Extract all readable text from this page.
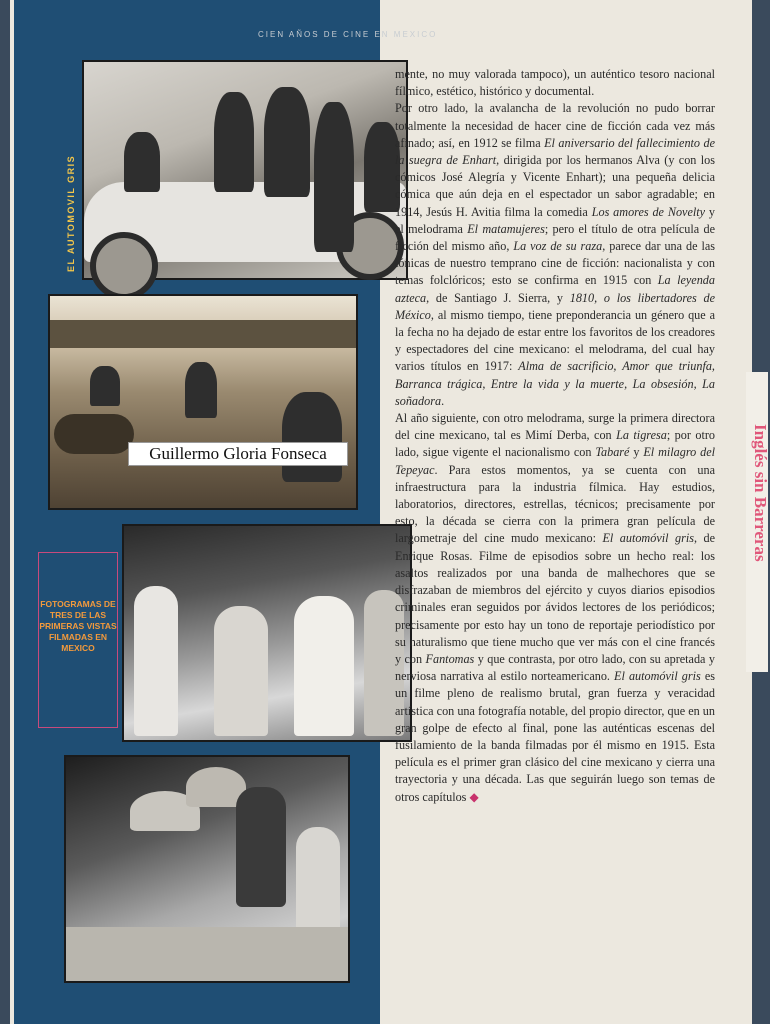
CIEN AÑOS DE CINE EN MEXICO
EL AUTOMOVIL GRIS
Guillermo Gloria Fonseca
FOTOGRAMAS DE TRES DE LAS PRIMERAS VISTAS FILMADAS EN MEXICO

mente, no muy valorada tampoco), un auténtico tesoro nacional fílmico, estético, histórico y documental.

Por otro lado, la avalancha de la revolución no pudo borrar totalmente la necesidad de hacer cine de ficción cada vez más afinado; así, en 1912 se filma El aniversario del fallecimiento de la suegra de Enhart, dirigida por los hermanos Alva (y con los cómicos José Alegría y Vicente Enhart); una pequeña delicia cómica que aún deja en el espectador un sabor agradable; en 1914, Jesús H. Avitia filma la comedia Los amores de Novelty y el melodrama El matamujeres; pero el título de otra película de ficción del mismo año, La voz de su raza, parece dar una de las tónicas de nuestro temprano cine de ficción: nacionalista y con temas folclóricos; esto se confirma en 1915 con La leyenda azteca, de Santiago J. Sierra, y 1810, o los libertadores de México, al mismo tiempo, tiene preponderancia un género que a la fecha no ha dejado de estar entre los favoritos de los creadores y espectadores del cine mexicano: el melodrama, del cual hay varios títulos en 1917: Alma de sacrificio, Amor que triunfa, Barranca trágica, Entre la vida y la muerte, La obsesión, La soñadora.

Al año siguiente, con otro melodrama, surge la primera directora del cine mexicano, tal es Mimí Derba, con La tigresa; por otro lado, sigue vigente el nacionalismo con Tabaré y El milagro del Tepeyac. Para estos momentos, ya se cuenta con una infraestructura para la industria fílmica. Hay estudios, laboratorios, directores, estrellas, técnicos; precisamente por esto, la década se cierra con la primera gran película de largometraje del cine mudo mexicano: El automóvil gris, de Enrique Rosas. Filme de episodios sobre un hecho real: los asaltos realizados por una banda de malhechores que se disfrazaban de miembros del ejército y cuyos diarios episodios criminales eran seguidos por ávidos lectores de los periódicos; precisamente por esto hay un tono de reportaje periodístico por su naturalismo que tiene mucho que ver más con el cine francés y con Fantomas y que contrasta, por otro lado, con su apretada y nerviosa narrativa al estilo norteamericano. El automóvil gris es un filme pleno de realismo brutal, gran fuerza y veracidad artística con una fotografía notable, del propio director, que en un gran golpe de efecto al final, pone las auténticas escenas del fusilamiento de la banda filmadas por él mismo en 1915. Esta película es el primer gran clásico del cine mexicano y cierra una trayectoria y una década. Las que seguirán luego son temas de otros capítulos ◆

Inglés sin Barreras
